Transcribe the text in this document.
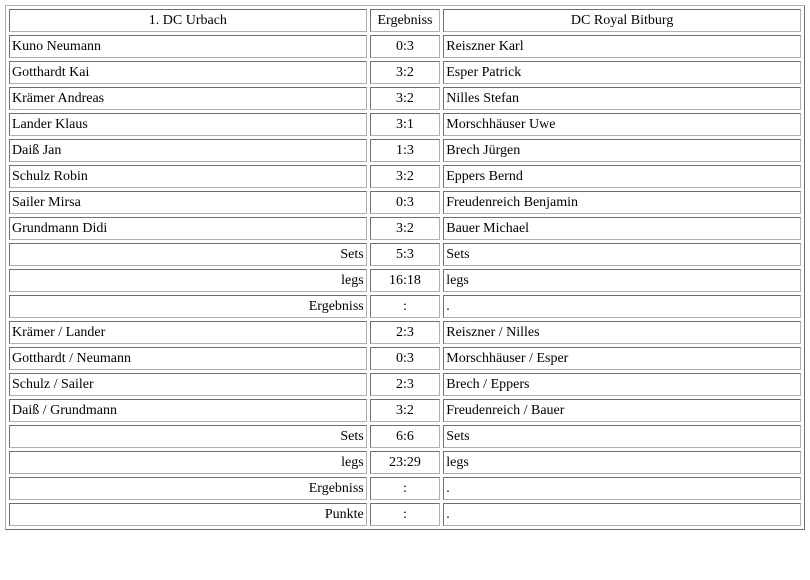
1. DC Urbach	Ergebniss	DC Royal Bitburg
Kuno Neumann	0:3	Reiszner Karl
Gotthardt Kai	3:2	Esper Patrick
Krämer Andreas	3:2	Nilles Stefan
Lander Klaus	3:1	Morschhäuser Uwe
Daiß Jan	1:3	Brech Jürgen
Schulz Robin	3:2	Eppers Bernd
Sailer Mirsa	0:3	Freudenreich Benjamin
Grundmann Didi	3:2	Bauer Michael
Sets	5:3	Sets
legs	16:18	legs
Ergebniss	:	.
Krämer / Lander	2:3	Reiszner / Nilles
Gotthardt / Neumann	0:3	Morschhäuser / Esper
Schulz / Sailer	2:3	Brech / Eppers
Daiß / Grundmann	3:2	Freudenreich / Bauer
Sets	6:6	Sets
legs	23:29	legs
Ergebniss	:	.
Punkte	:	.
